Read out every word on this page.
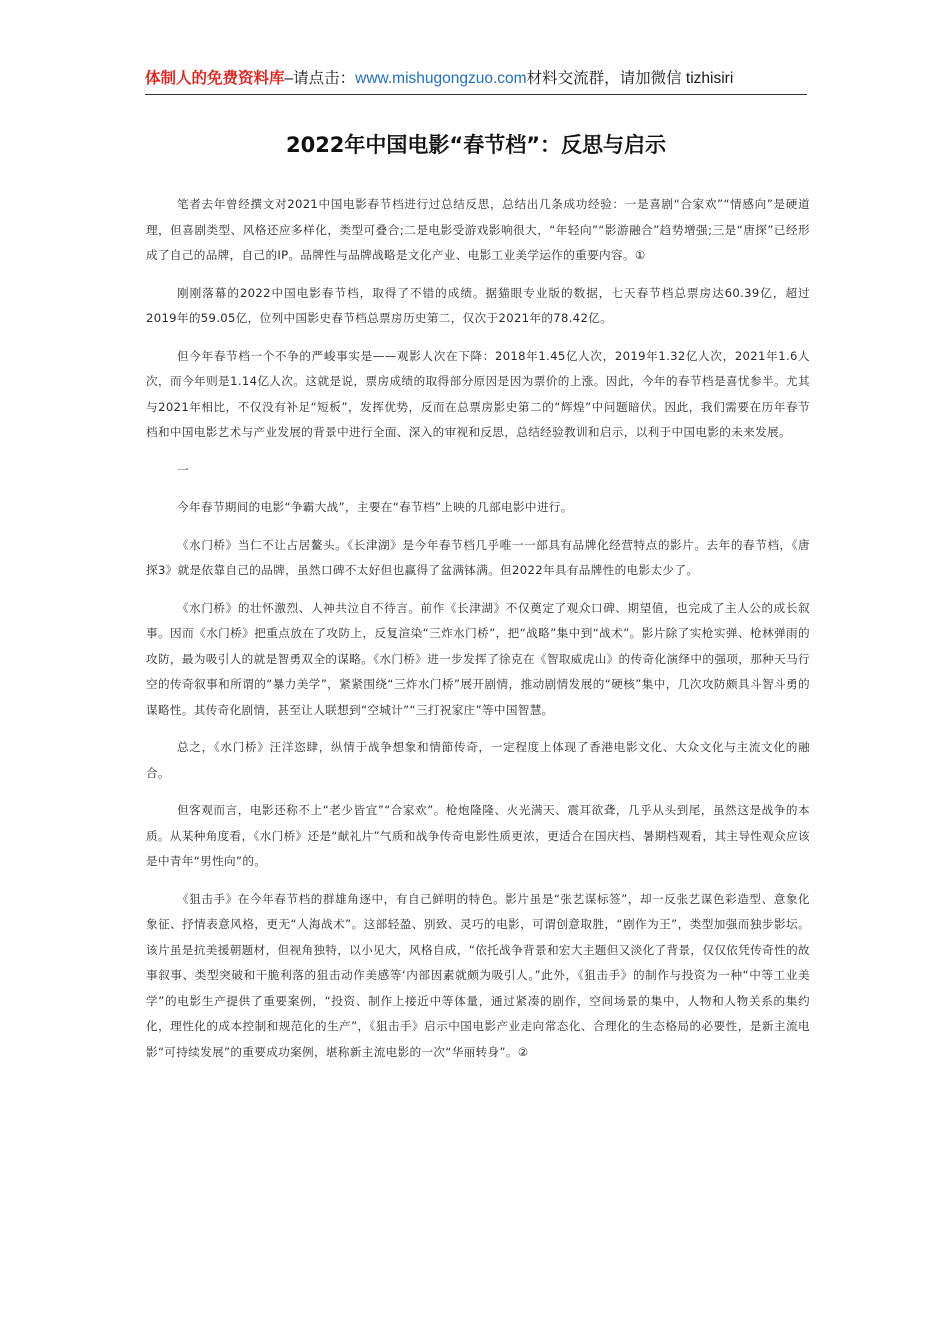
体制人的免费资料库–请点击：www.mishugongzuo.com材料交流群，请加微信 tizhisiri
2022年中国电影“春节档”：反思与启示

笔者去年曾经撰文对2021中国电影春节档进行过总结反思，总结出几条成功经验：一是喜剧“合家欢”“情感向”是硬道理，但喜剧类型、风格还应多样化，类型可叠合;二是电影受游戏影响很大，“年轻向”“影游融合”趋势增强;三是“唐探”已经形成了自己的品牌，自己的IP。品牌性与品牌战略是文化产业、电影工业美学运作的重要内容。①

刚刚落幕的2022中国电影春节档，取得了不错的成绩。据猫眼专业版的数据，七天春节档总票房达60.39亿，超过2019年的59.05亿，位列中国影史春节档总票房历史第二，仅次于2021年的78.42亿。

但今年春节档一个不争的严峻事实是——观影人次在下降：2018年1.45亿人次，2019年1.32亿人次，2021年1.6人次，而今年则是1.14亿人次。这就是说，票房成绩的取得部分原因是因为票价的上涨。因此，今年的春节档是喜忧参半。尤其与2021年相比，不仅没有补足“短板”，发挥优势，反而在总票房影史第二的“辉煌”中问题暗伏。因此，我们需要在历年春节档和中国电影艺术与产业发展的背景中进行全面、深入的审视和反思，总结经验教训和启示，以利于中国电影的未来发展。

一

今年春节期间的电影“争霸大战”，主要在“春节档”上映的几部电影中进行。

《水门桥》当仁不让占居鳌头。《长津湖》是今年春节档几乎唯一一部具有品牌化经营特点的影片。去年的春节档，《唐探3》就是依靠自己的品牌，虽然口碑不太好但也赢得了盆满钵满。但2022年具有品牌性的电影太少了。

《水门桥》的壮怀激烈、人神共泣自不待言。前作《长津湖》不仅奠定了观众口碑、期望值，也完成了主人公的成长叙事。因而《水门桥》把重点放在了攻防上，反复渲染“三炸水门桥”，把“战略”集中到“战术”。影片除了实枪实弹、枪林弹雨的攻防，最为吸引人的就是智勇双全的谋略。《水门桥》进一步发挥了徐克在《智取威虎山》的传奇化演绎中的强项，那种天马行空的传奇叙事和所谓的“暴力美学”，紧紧围绕“三炸水门桥”展开剧情，推动剧情发展的“硬核”集中，几次攻防颇具斗智斗勇的谋略性。其传奇化剧情，甚至让人联想到“空城计”“三打祝家庄”等中国智慧。

总之，《水门桥》汪洋恣肆，纵情于战争想象和情節传奇，一定程度上体现了香港电影文化、大众文化与主流文化的融合。

但客观而言，电影还称不上“老少皆宜”“合家欢”。枪炮隆隆、火光满天、震耳欲聋，几乎从头到尾，虽然这是战争的本质。从某种角度看，《水门桥》还是“献礼片”气质和战争传奇电影性质更浓，更适合在国庆档、暑期档观看，其主导性观众应该是中青年“男性向”的。

《狙击手》在今年春节档的群雄角逐中，有自己鲜明的特色。影片虽是“张艺谋标签”，却一反张艺谋色彩造型、意象化象征、抒情表意风格，更无“人海战术”。这部轻盈、别致、灵巧的电影，可谓创意取胜，“剧作为王”，类型加强而独步影坛。该片虽是抗美援朝题材，但视角独特，以小见大，风格自成，“依托战争背景和宏大主题但又淡化了背景，仅仅依凭传奇性的故事叙事、类型突破和干脆利落的狙击动作美感等‘内部因素就颇为吸引人。”此外，《狙击手》的制作与投资为一种“中等工业美学”的电影生产提供了重要案例，“投资、制作上接近中等体量，通过紧凑的剧作，空间场景的集中，人物和人物关系的集约化，理性化的成本控制和规范化的生产”，《狙击手》启示中国电影产业走向常态化、合理化的生态格局的必要性，是新主流电影“可持续发展”的重要成功案例，堪称新主流电影的一次“华丽转身”。②
